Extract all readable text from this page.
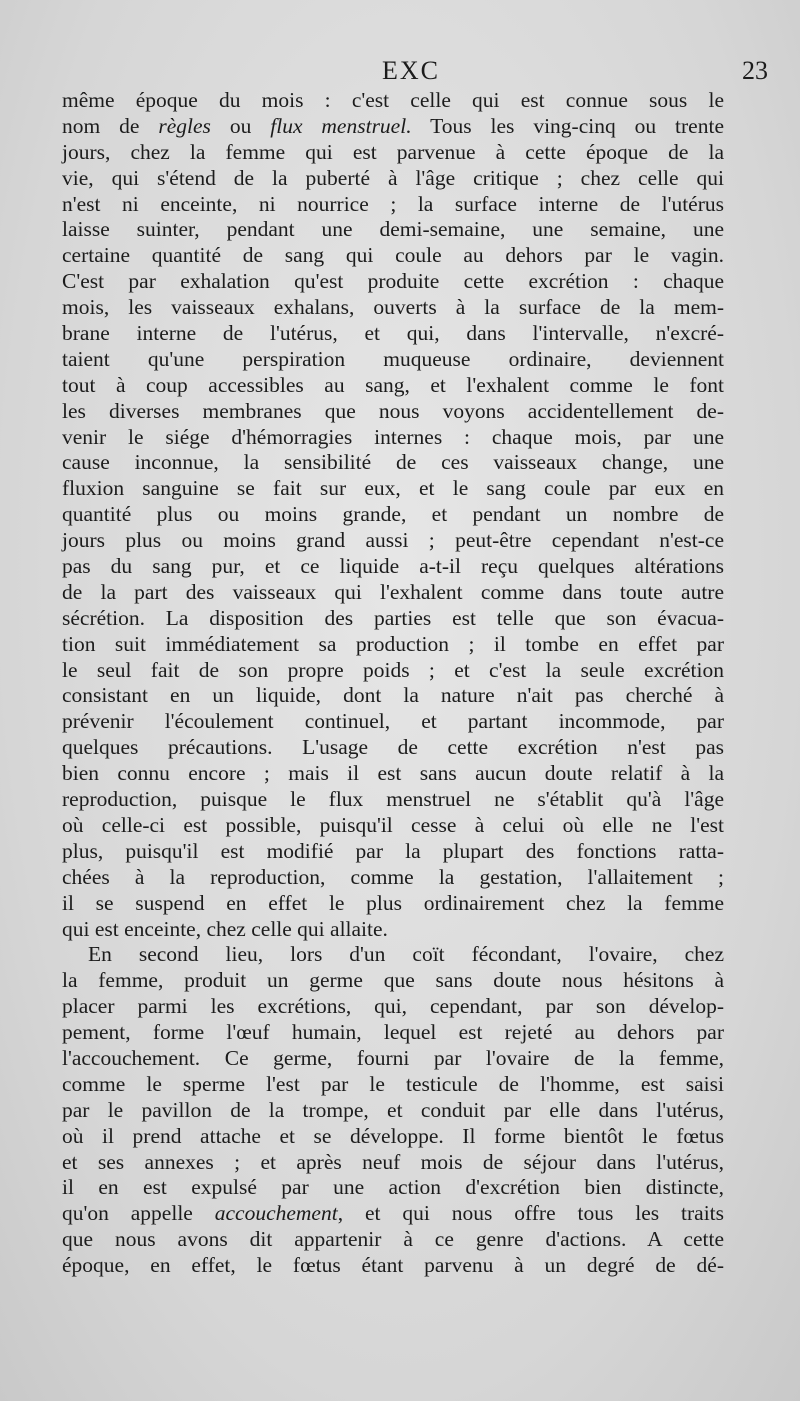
EXC	23
même époque du mois : c'est celle qui est connue sous le
nom de règles ou flux menstruel. Tous les ving-cinq ou trente
jours, chez la femme qui est parvenue à cette époque de la
vie, qui s'étend de la puberté à l'âge critique ; chez celle qui
n'est ni enceinte, ni nourrice ; la surface interne de l'utérus
laisse suinter, pendant une demi-semaine, une semaine, une
certaine quantité de sang qui coule au dehors par le vagin.
C'est par exhalation qu'est produite cette excrétion : chaque
mois, les vaisseaux exhalans, ouverts à la surface de la mem-
brane interne de l'utérus, et qui, dans l'intervalle, n'excré-
taient qu'une perspiration muqueuse ordinaire, deviennent
tout à coup accessibles au sang, et l'exhalent comme le font
les diverses membranes que nous voyons accidentellement de-
venir le siége d'hémorragies internes : chaque mois, par une
cause inconnue, la sensibilité de ces vaisseaux change, une
fluxion sanguine se fait sur eux, et le sang coule par eux en
quantité plus ou moins grande, et pendant un nombre de
jours plus ou moins grand aussi ; peut-être cependant n'est-ce
pas du sang pur, et ce liquide a-t-il reçu quelques altérations
de la part des vaisseaux qui l'exhalent comme dans toute autre
sécrétion. La disposition des parties est telle que son évacua-
tion suit immédiatement sa production ; il tombe en effet par
le seul fait de son propre poids ; et c'est la seule excrétion
consistant en un liquide, dont la nature n'ait pas cherché à
prévenir l'écoulement continuel, et partant incommode, par
quelques précautions. L'usage de cette excrétion n'est pas
bien connu encore ; mais il est sans aucun doute relatif à la
reproduction, puisque le flux menstruel ne s'établit qu'à l'âge
où celle-ci est possible, puisqu'il cesse à celui où elle ne l'est
plus, puisqu'il est modifié par la plupart des fonctions ratta-
chées à la reproduction, comme la gestation, l'allaitement ;
il se suspend en effet le plus ordinairement chez la femme
qui est enceinte, chez celle qui allaite.
En second lieu, lors d'un coït fécondant, l'ovaire, chez
la femme, produit un germe que sans doute nous hésitons à
placer parmi les excrétions, qui, cependant, par son dévelop-
pement, forme l'œuf humain, lequel est rejeté au dehors par
l'accouchement. Ce germe, fourni par l'ovaire de la femme,
comme le sperme l'est par le testicule de l'homme, est saisi
par le pavillon de la trompe, et conduit par elle dans l'utérus,
où il prend attache et se développe. Il forme bientôt le fœtus
et ses annexes ; et après neuf mois de séjour dans l'utérus,
il en est expulsé par une action d'excrétion bien distincte,
qu'on appelle accouchement, et qui nous offre tous les traits
que nous avons dit appartenir à ce genre d'actions. A cette
époque, en effet, le fœtus étant parvenu à un degré de dé-
